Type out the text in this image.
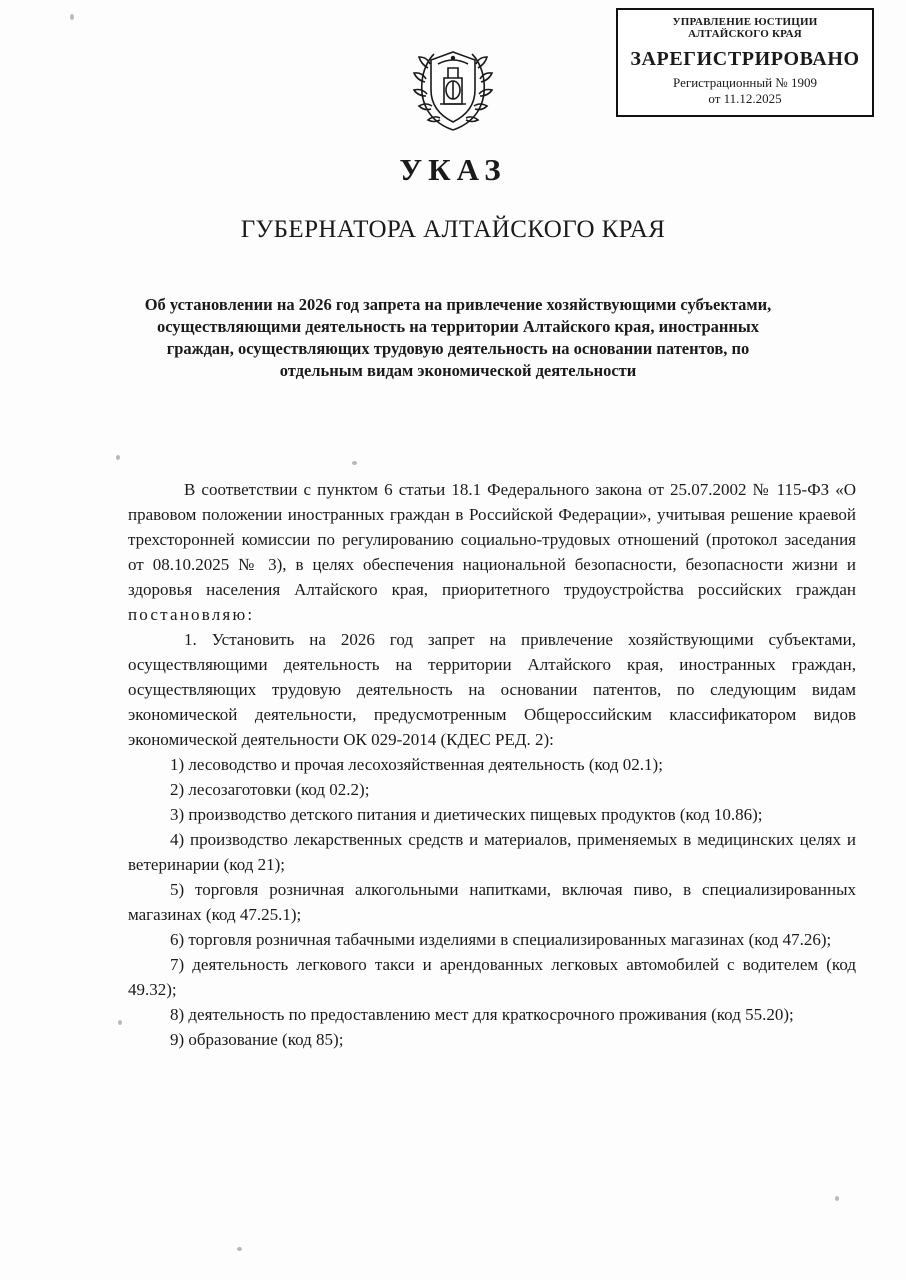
УПРАВЛЕНИЕ ЮСТИЦИИ
АЛТАЙСКОГО КРАЯ
ЗАРЕГИСТРИРОВАНО
Регистрационный № 1909
от 11.12.2025
УКАЗ
ГУБЕРНАТОРА АЛТАЙСКОГО КРАЯ
Об установлении на 2026 год запрета на привлечение хозяйствующими субъектами, осуществляющими деятельность на территории Алтайского края, иностранных граждан, осуществляющих трудовую деятельность на основании патентов, по отдельным видам экономической деятельности

В соответствии с пунктом 6 статьи 18.1 Федерального закона от 25.07.2002 № 115-ФЗ «О правовом положении иностранных граждан в Российской Федерации», учитывая решение краевой трехсторонней комиссии по регулированию социально-трудовых отношений (протокол заседания от 08.10.2025 № 3), в целях обеспечения национальной безопасности, безопасности жизни и здоровья населения Алтайского края, приоритетного трудоустройства российских граждан постановляю:

1. Установить на 2026 год запрет на привлечение хозяйствующими субъектами, осуществляющими деятельность на территории Алтайского края, иностранных граждан, осуществляющих трудовую деятельность на основании патентов, по следующим видам экономической деятельности, предусмотренным Общероссийским классификатором видов экономической деятельности ОК 029-2014 (КДЕС РЕД. 2):

1) лесоводство и прочая лесохозяйственная деятельность (код 02.1);

2) лесозаготовки (код 02.2);

3) производство детского питания и диетических пищевых продуктов (код 10.86);

4) производство лекарственных средств и материалов, применяемых в медицинских целях и ветеринарии (код 21);

5) торговля розничная алкогольными напитками, включая пиво, в специализированных магазинах (код 47.25.1);

6) торговля розничная табачными изделиями в специализированных магазинах (код 47.26);

7) деятельность легкового такси и арендованных легковых автомобилей с водителем (код 49.32);

8) деятельность по предоставлению мест для краткосрочного проживания (код 55.20);

9) образование (код 85);
